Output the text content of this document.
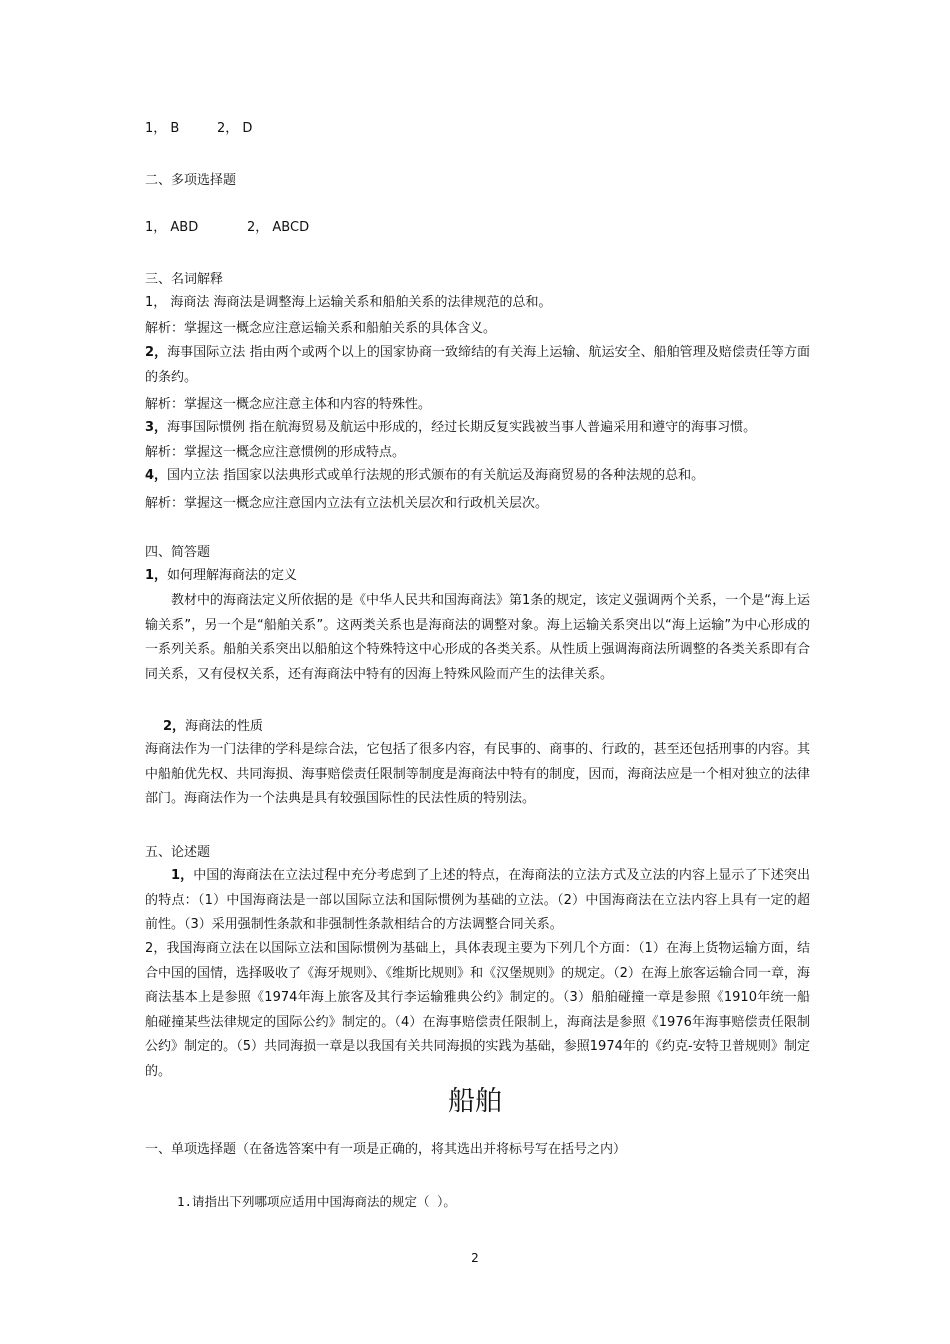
1， B	2， D
二、多项选择题
1， ABD	2， ABCD
三、名词解释
1， 海商法 海商法是调整海上运输关系和船舶关系的法律规范的总和。
解析：掌握这一概念应注意运输关系和船舶关系的具体含义。
2，海事国际立法 指由两个或两个以上的国家协商一致缔结的有关海上运输、航运安全、船舶管理及赔偿责任等方面的条约。
解析：掌握这一概念应注意主体和内容的特殊性。
3，海事国际惯例 指在航海贸易及航运中形成的，经过长期反复实践被当事人普遍采用和遵守的海事习惯。
解析：掌握这一概念应注意惯例的形成特点。
4，国内立法 指国家以法典形式或单行法规的形式颁布的有关航运及海商贸易的各种法规的总和。
解析：掌握这一概念应注意国内立法有立法机关层次和行政机关层次。
四、简答题
1，如何理解海商法的定义
教材中的海商法定义所依据的是《中华人民共和国海商法》第1条的规定，该定义强调两个关系，一个是“海上运输关系”，另一个是“船舶关系”。这两类关系也是海商法的调整对象。海上运输关系突出以“海上运输”为中心形成的一系列关系。船舶关系突出以船舶这个特殊特这中心形成的各类关系。从性质上强调海商法所调整的各类关系即有合同关系，又有侵权关系，还有海商法中特有的因海上特殊风险而产生的法律关系。
2，海商法的性质
海商法作为一门法律的学科是综合法，它包括了很多内容，有民事的、商事的、行政的，甚至还包括刑事的内容。其中船舶优先权、共同海损、海事赔偿责任限制等制度是海商法中特有的制度，因而，海商法应是一个相对独立的法律部门。海商法作为一个法典是具有较强国际性的民法性质的特别法。
五、论述题
1，中国的海商法在立法过程中充分考虑到了上述的特点，在海商法的立法方式及立法的内容上显示了下述突出的特点：（1）中国海商法是一部以国际立法和国际惯例为基础的立法。（2）中国海商法在立法内容上具有一定的超前性。（3）采用强制性条款和非强制性条款相结合的方法调整合同关系。
2，我国海商立法在以国际立法和国际惯例为基础上，具体表现主要为下列几个方面：（1）在海上货物运输方面，结合中国的国情，选择吸收了《海牙规则》、《维斯比规则》和《汉堡规则》的规定。（2）在海上旅客运输合同一章，海商法基本上是参照《1974年海上旅客及其行李运输雅典公约》制定的。（3）船舶碰撞一章是参照《1910年统一船舶碰撞某些法律规定的国际公约》制定的。（4）在海事赔偿责任限制上，海商法是参照《1976年海事赔偿责任限制公约》制定的。（5）共同海损一章是以我国有关共同海损的实践为基础，参照1974年的《约克-安特卫普规则》制定的。
船舶
一、单项选择题（在备选答案中有一项是正确的，将其选出并将标号写在括号之内）
1.请指出下列哪项应适用中国海商法的规定（ ）。
2
